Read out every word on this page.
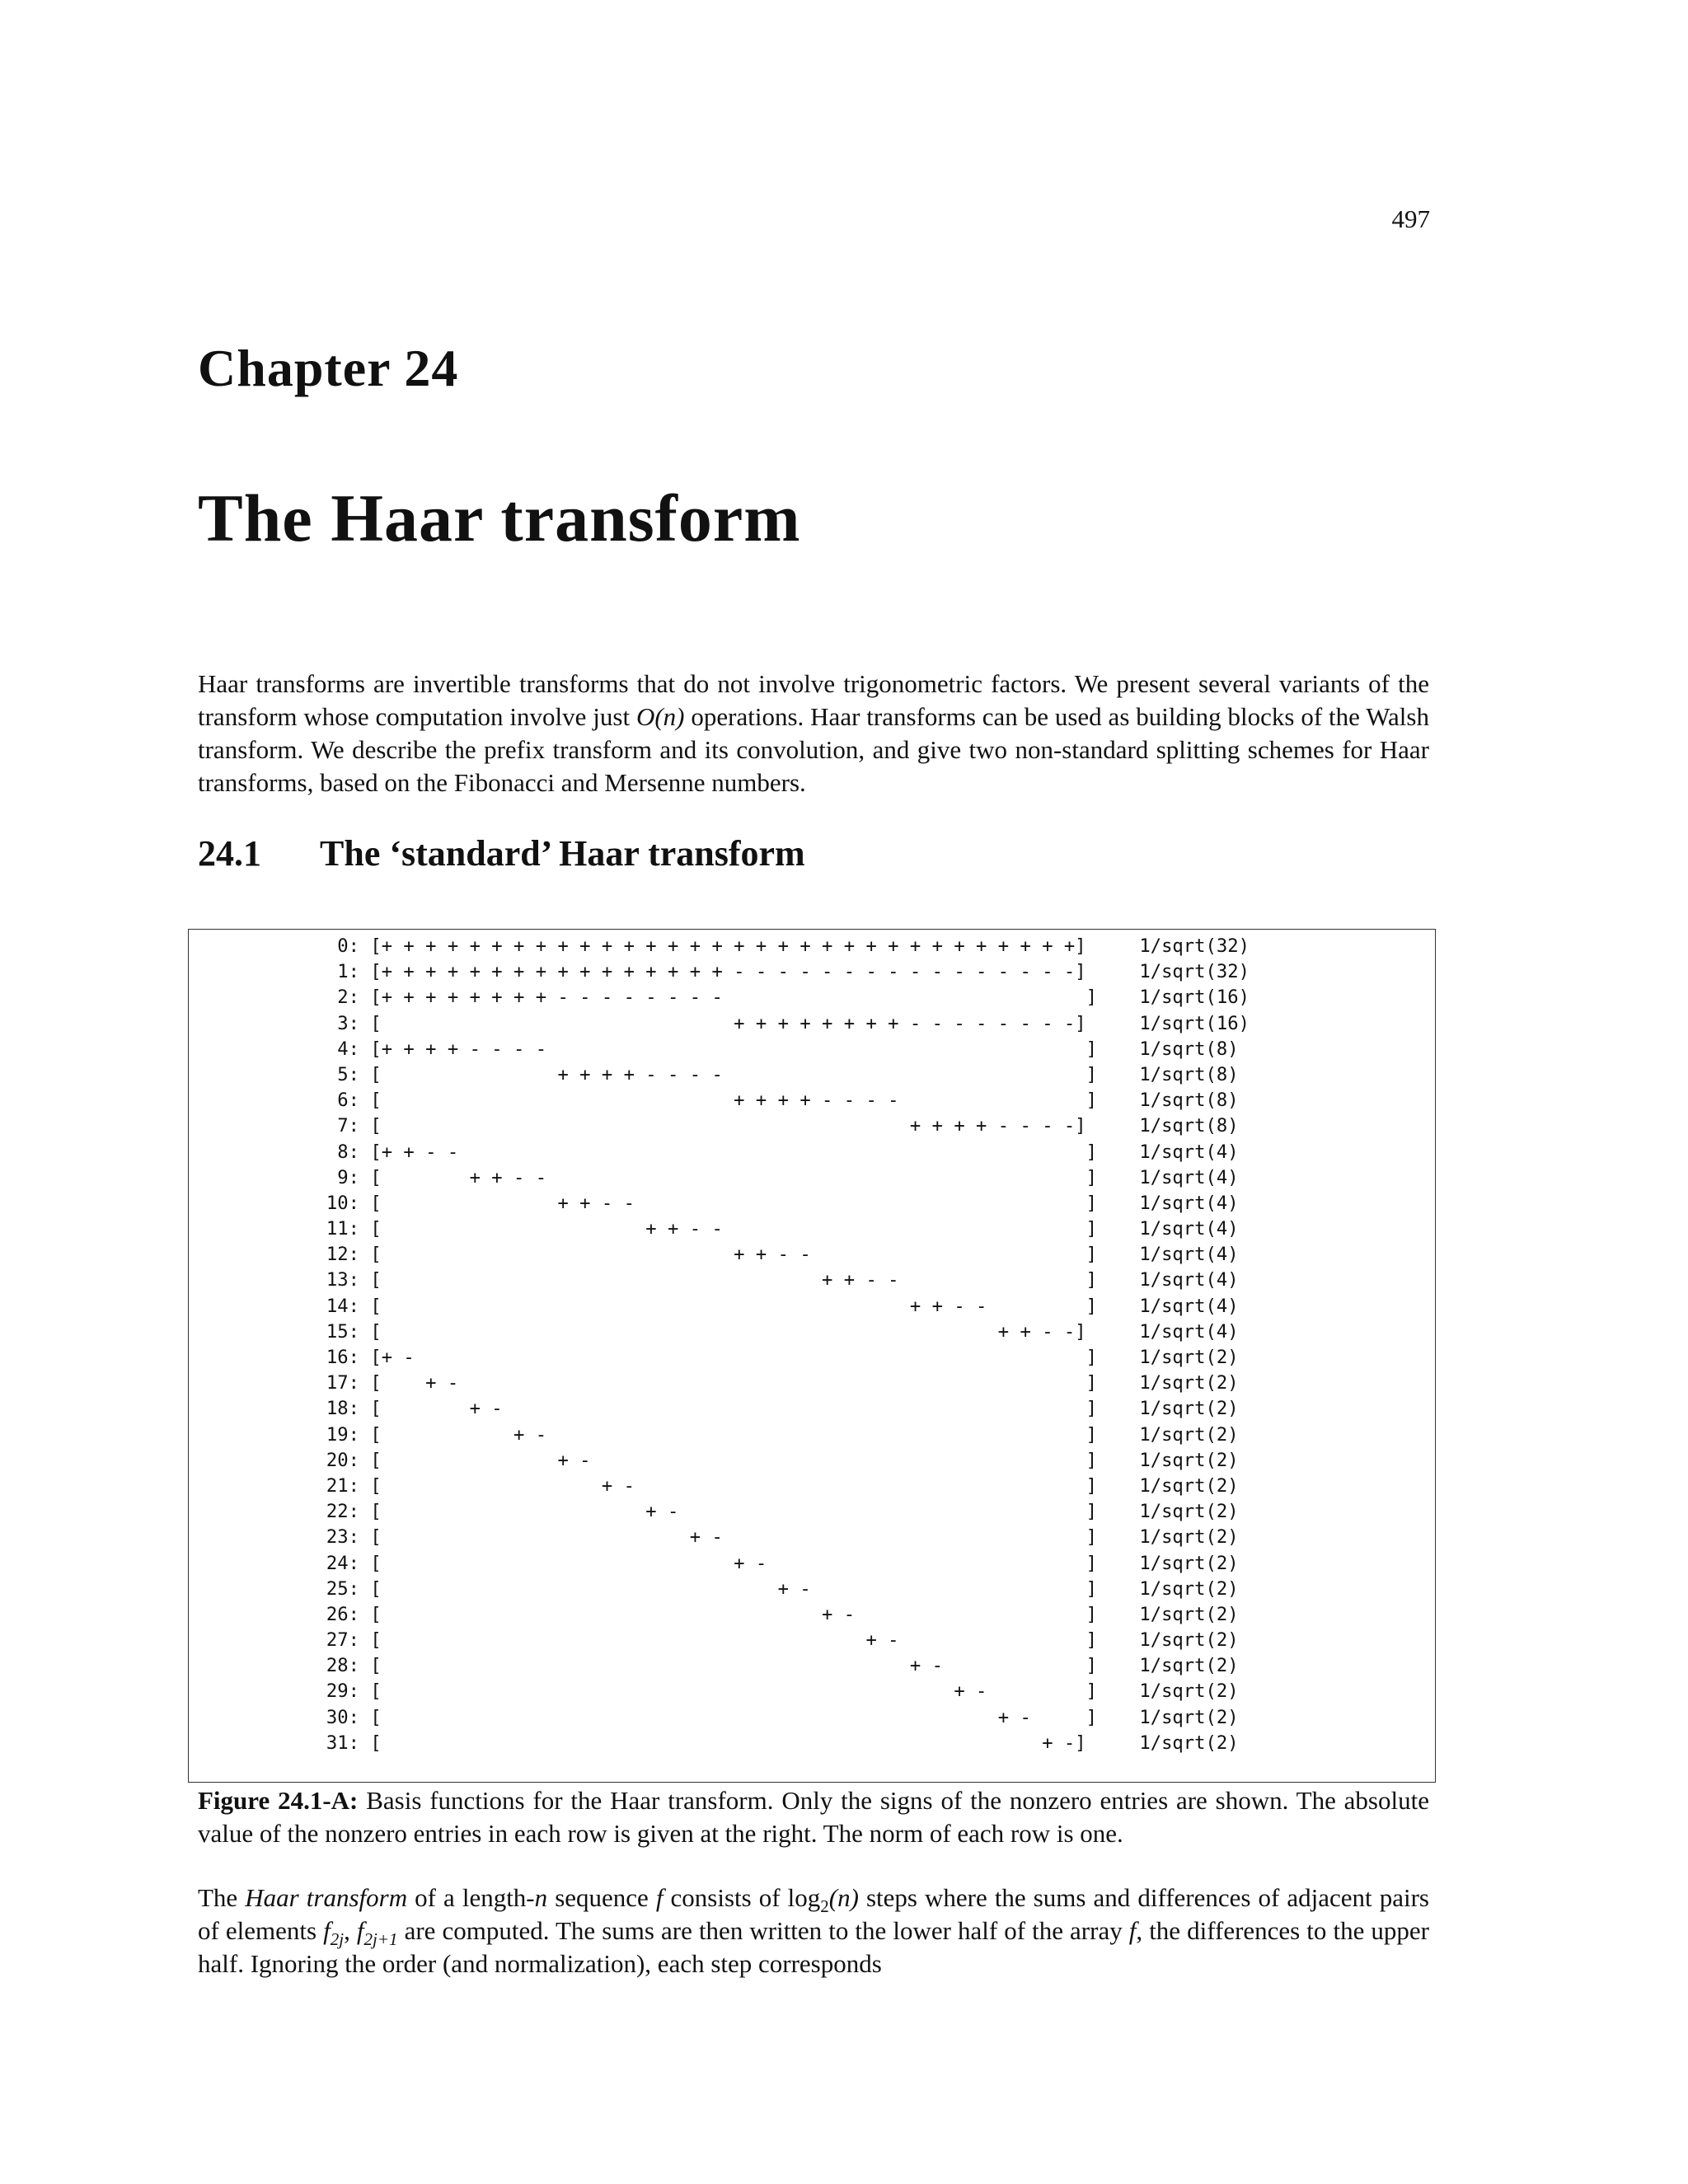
497
Chapter 24
The Haar transform

Haar transforms are invertible transforms that do not involve trigonometric factors. We present several variants of the transform whose computation involve just O(n) operations. Haar transforms can be used as building blocks of the Walsh transform. We describe the prefix transform and its convolution, and give two non-standard splitting schemes for Haar transforms, based on the Fibonacci and Mersenne numbers.

24.1 The ‘standard’ Haar transform
0: [+ + + + + + + + + + + + + + + + + + + + + + + + + + + + + + + +]	1/sqrt(32)
1: [+ + + + + + + + + + + + + + + + - - - - - - - - - - - - - - - -]	1/sqrt(32)
2: [+ + + + + + + + - - - - - - - -                                 ] 1/sqrt(16)
3: [                                + + + + + + + + - - - - - - - -]	1/sqrt(16)
4: [+ + + + - - - -                                                 ] 1/sqrt(8)
5: [                + + + + - - - -                                 ] 1/sqrt(8)
6: [                                + + + + - - - -                 ] 1/sqrt(8)
7: [                                                + + + + - - - -]	1/sqrt(8)
8: [+ + - -                                                         ] 1/sqrt(4)
9: [        + + - -                                                 ] 1/sqrt(4)
10: [                + + - -                                         ] 1/sqrt(4)
11: [                        + + - -                                 ] 1/sqrt(4)
12: [                                + + - -                         ] 1/sqrt(4)
13: [                                        + + - -                 ] 1/sqrt(4)
14: [                                                + + - -         ] 1/sqrt(4)
15: [                                                        + + - -]	1/sqrt(4)
16: [+ -                                                             ] 1/sqrt(2)
17: [    + -                                                         ] 1/sqrt(2)
18: [        + -                                                     ] 1/sqrt(2)
19: [            + -                                                 ] 1/sqrt(2)
20: [                + -                                             ] 1/sqrt(2)
21: [                    + -                                         ] 1/sqrt(2)
22: [                        + -                                     ] 1/sqrt(2)
23: [                            + -                                 ] 1/sqrt(2)
24: [                                + -                             ] 1/sqrt(2)
25: [                                    + -                         ] 1/sqrt(2)
26: [                                        + -                     ] 1/sqrt(2)
27: [                                            + -                 ] 1/sqrt(2)
28: [                                                + -             ] 1/sqrt(2)
29: [                                                    + -         ] 1/sqrt(2)
30: [                                                        + -     ] 1/sqrt(2)
31: [                                                            + -]	1/sqrt(2)

Figure 24.1-A: Basis functions for the Haar transform. Only the signs of the nonzero entries are shown. The absolute value of the nonzero entries in each row is given at the right. The norm of each row is one.

The Haar transform of a length-n sequence f consists of $\log_2(n)$ steps where the sums and differences of adjacent pairs of elements $f_{2j}$, $f_{2j+1}$ are computed. The sums are then written to the lower half of the array f, the differences to the upper half. Ignoring the order (and normalization), each step corresponds
